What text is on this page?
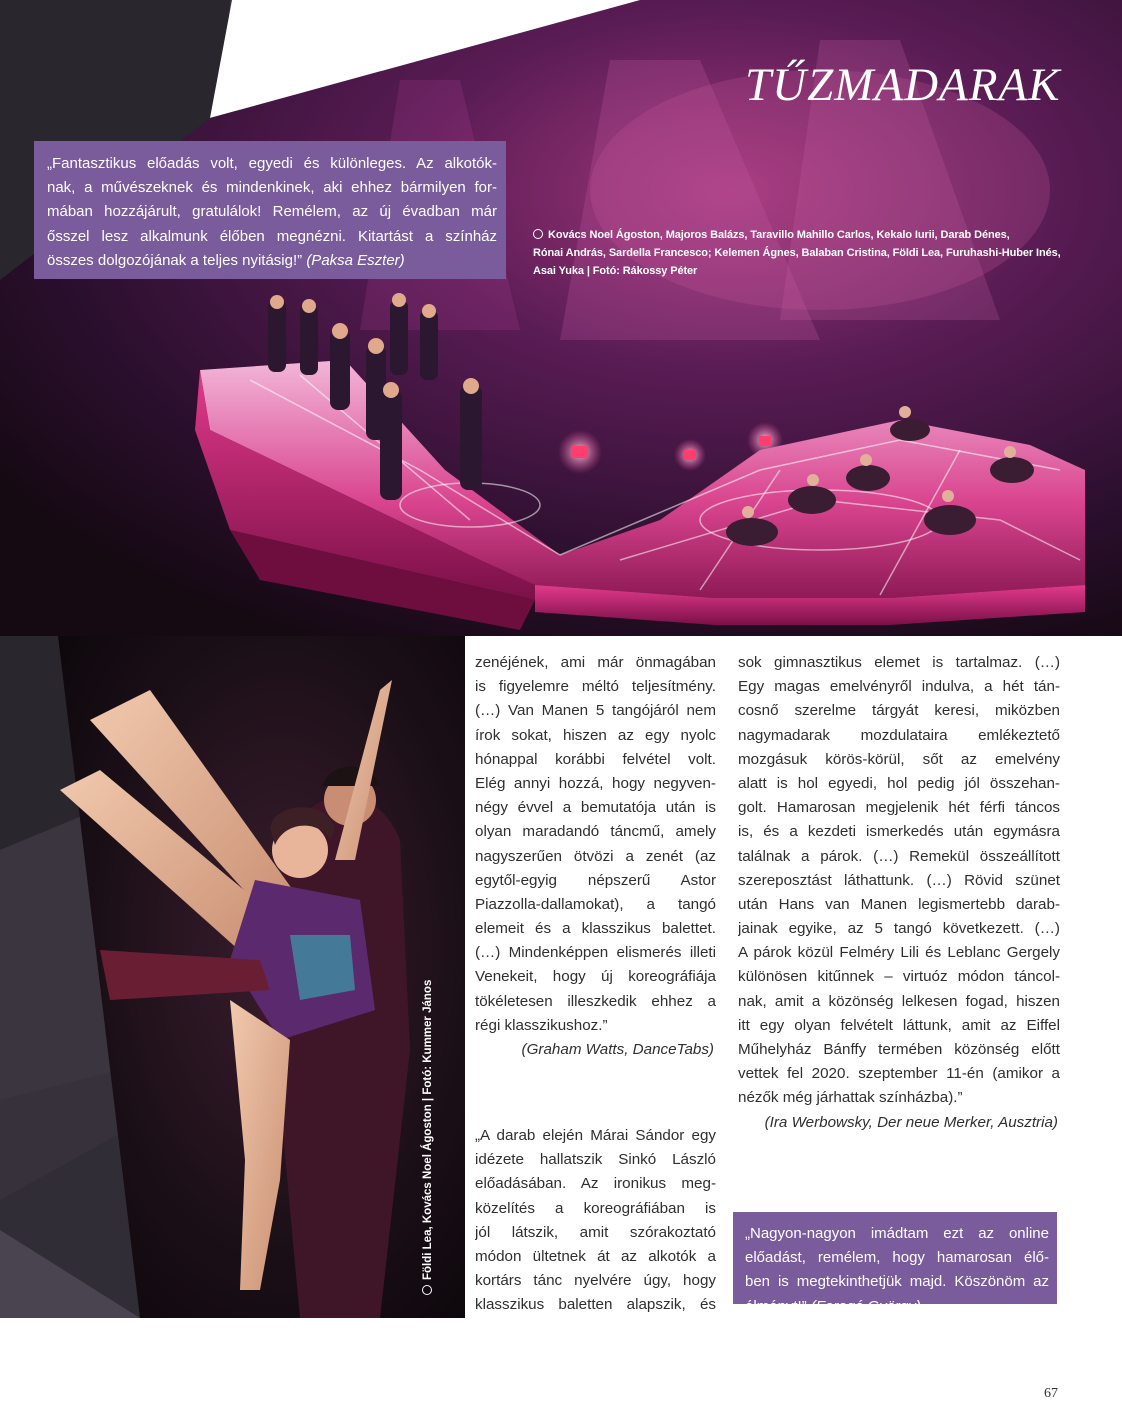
TŰZMADARAK
„Fantasztikus előadás volt, egyedi és különleges. Az alkotók-
nak, a művészeknek és mindenkinek, aki ehhez bármilyen for-
mában hozzájárult, gratulálok! Remélem, az új évadban már
ősszel lesz alkalmunk élőben megnézni. Kitartást a színház
összes dolgozójának a teljes nyitásig!” (Paksa Eszter)
Kovács Noel Ágoston, Majoros Balázs, Taravillo Mahillo Carlos, Kekalo Iurii, Darab Dénes,
Rónai András, Sardella Francesco; Kelemen Ágnes, Balaban Cristina, Földi Lea, Furuhashi-Huber Inés,
Asai Yuka | Fotó: Rákossy Péter
Földi Lea, Kovács Noel Ágoston | Fotó: Kummer János
zenéjének, ami már önmagában
is figyelemre méltó teljesítmény.
(…) Van Manen 5 tangójáról nem
írok sokat, hiszen az egy nyolc
hónappal korábbi felvétel volt.
Elég annyi hozzá, hogy negyven-
négy évvel a bemutatója után is
olyan maradandó táncmű, amely
nagyszerűen ötvözi a zenét (az
egytől-egyig népszerű Astor
Piazzolla-dallamokat), a tangó
elemeit és a klasszikus balettet.
(…) Mindenképpen elismerés illeti
Venekeit, hogy új koreográfiája
tökéletesen illeszkedik ehhez a
régi klasszikushoz.”
(Graham Watts, DanceTabs)
„A darab elején Márai Sándor egy
idézete hallatszik Sinkó László
előadásában. Az ironikus meg-
közelítés a koreográfiában is
jól látszik, amit szórakoztató
módon ültetnek át az alkotók a
kortárs tánc nyelvére úgy, hogy
klasszikus baletten alapszik, és
sok gimnasztikus elemet is tartalmaz. (…)
Egy magas emelvényről indulva, a hét tán-
cosnő szerelme tárgyát keresi, miközben
nagymadarak mozdulataira emlékeztető
mozgásuk körös-körül, sőt az emelvény
alatt is hol egyedi, hol pedig jól összehan-
golt. Hamarosan megjelenik hét férfi táncos
is, és a kezdeti ismerkedés után egymásra
találnak a párok. (…) Remekül összeállított
szereposztást láthattunk. (…) Rövid szünet
után Hans van Manen legismertebb darab-
jainak egyike, az 5 tangó következett. (…)
A párok közül Felméry Lili és Leblanc Gergely
különösen kitűnnek – virtuóz módon táncol-
nak, amit a közönség lelkesen fogad, hiszen
itt egy olyan felvételt láttunk, amit az Eiffel
Műhelyház Bánffy termében közönség előtt
vettek fel 2020. szeptember 11-én (amikor a
nézők még járhattak színházba).”
(Ira Werbowsky, Der neue Merker, Ausztria)
„Nagyon-nagyon imádtam ezt az online
előadást, remélem, hogy hamarosan élő-
ben is megtekinthetjük majd. Köszönöm az
élményt!” (Faragó György)
67
